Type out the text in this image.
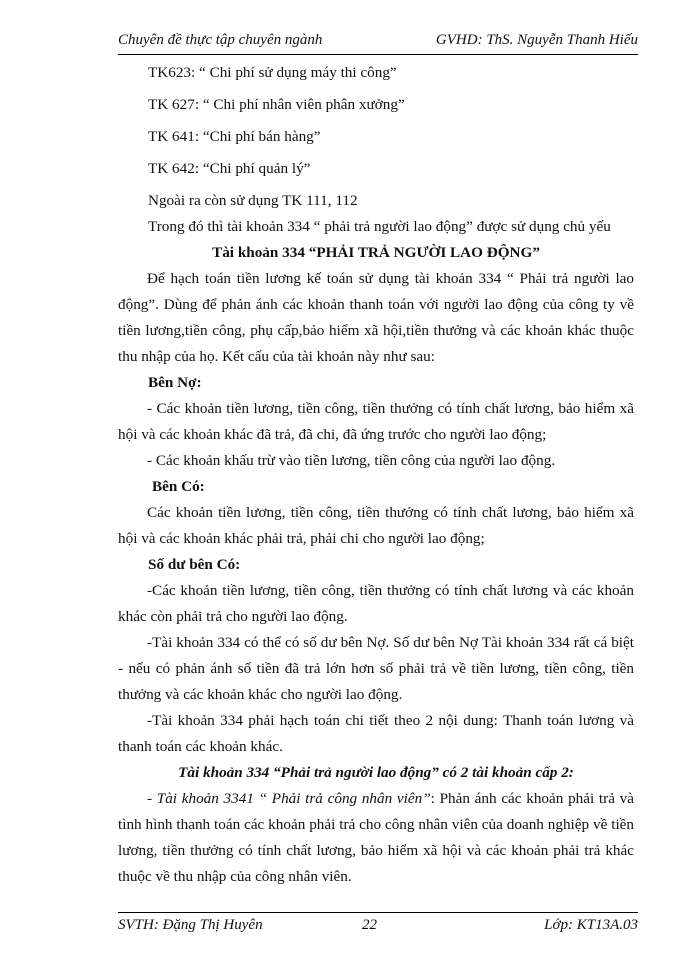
Chuyên đề thực tập chuyên ngành	GVHD: ThS. Nguyễn Thanh Hiếu

TK623: “ Chi phí sử dụng máy thi công”

TK 627: “ Chi phí nhân viên phân xưởng”

TK 641: “Chi phí bán hàng”

TK 642: “Chi phí quản lý”

Ngoài ra còn sử dụng TK 111, 112

Trong đó thì tài khoản 334 “ phải trả người lao động” được sử dụng chủ yếu

Tài khoản 334 “PHẢI TRẢ NGƯỜI LAO ĐỘNG”

Để hạch toán tiền lương kế toán sử dụng tài khoản 334 “ Phải trả người lao động”. Dùng để phản ánh các khoản thanh toán với người lao động của công ty về tiền lương,tiền công, phụ cấp,bảo hiểm xã hội,tiền thưởng và các khoản khác thuộc thu nhập của họ. Kết cấu của tài khoản này như sau:

Bên Nợ:

- Các khoản tiền lương, tiền công, tiền thưởng có tính chất lương, bảo hiểm xã hội và các khoản khác đã trả, đã chi, đã ứng trước cho người lao động;

- Các khoản khấu trừ vào tiền lương, tiền công của người lao động.

Bên Có:

Các khoản tiền lương, tiền công, tiền thưởng có tính chất lương, bảo hiểm xã hội và các khoản khác phải trả, phải chi cho người lao động;

Số dư bên Có:

-Các khoản tiền lương, tiền công, tiền thưởng có tính chất lương và các khoản khác còn phải trả cho người lao động.

-Tài khoản 334 có thể có số dư bên Nợ. Số dư bên Nợ Tài khoản 334 rất cá biệt - nếu có phản ánh số tiền đã trả lớn hơn số phải trả về tiền lương, tiền công, tiền thưởng và các khoản khác cho người lao động.

-Tài khoản 334 phải hạch toán chi tiết theo 2 nội dung: Thanh toán lương và thanh toán các khoản khác.

Tài khoản 334 “Phải trả người lao động” có 2 tài khoản cấp 2:

- Tài khoản 3341 “ Phải trả công nhân viên”: Phản ánh các khoản phải trả và tình hình thanh toán các khoản phải trả cho công nhân viên của doanh nghiệp về tiền lương, tiền thưởng có tính chất lương, bảo hiểm xã hội và các khoản phải trả khác thuộc về thu nhập của công nhân viên.

SVTH: Đặng Thị Huyên	22	Lớp: KT13A.03
